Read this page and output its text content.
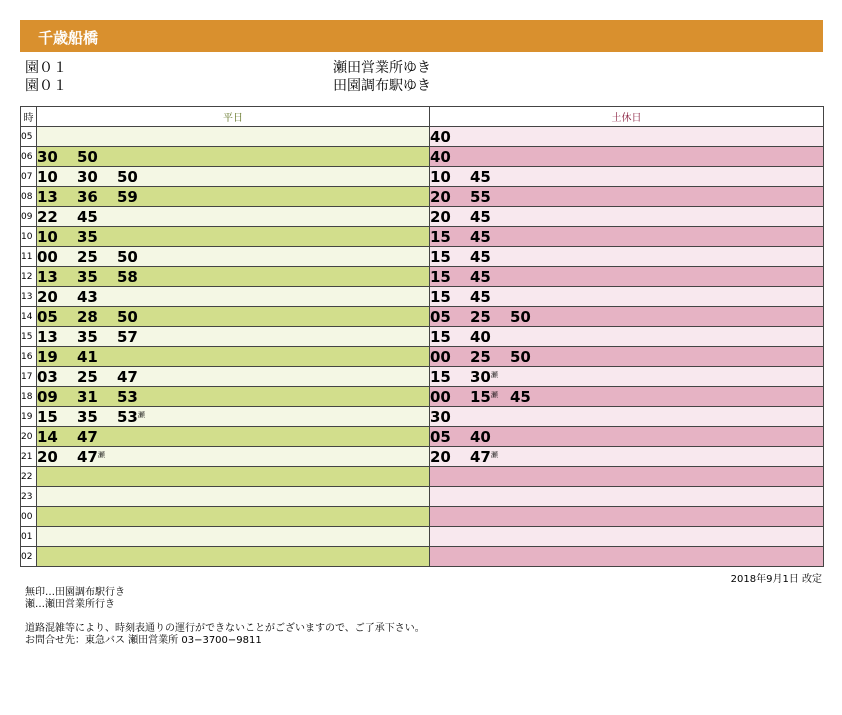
千歳船橋
園０１	瀬田営業所ゆき
園０１	田園調布駅ゆき
時	平日	土休日
05		40
06	30 50	40
07	10 30 50	10 45
08	13 36 59	20 55
09	22 45	20 45
10	10 35	15 45
11	00 25 50	15 45
12	13 35 58	15 45
13	20 43	15 45
14	05 28 50	05 25 50
15	13 35 57	15 40
16	19 41	00 25 50
17	03 25 47	15 $30^瀬$
18	09 31 53	00 $15^瀬$ 45
19	15 35 $53^瀬$	30
20	14 47	05 40
21	20 $47^瀬$	20 $47^瀬$
22		
23		
00		
01		
02		
2018年9月1日 改定
無印…田園調布駅行き
瀬…瀬田営業所行き
道路混雑等により、時刻表通りの運行ができないことがございますので、ご了承下さい。
お問合せ先：東急バス 瀬田営業所 03−3700−9811
